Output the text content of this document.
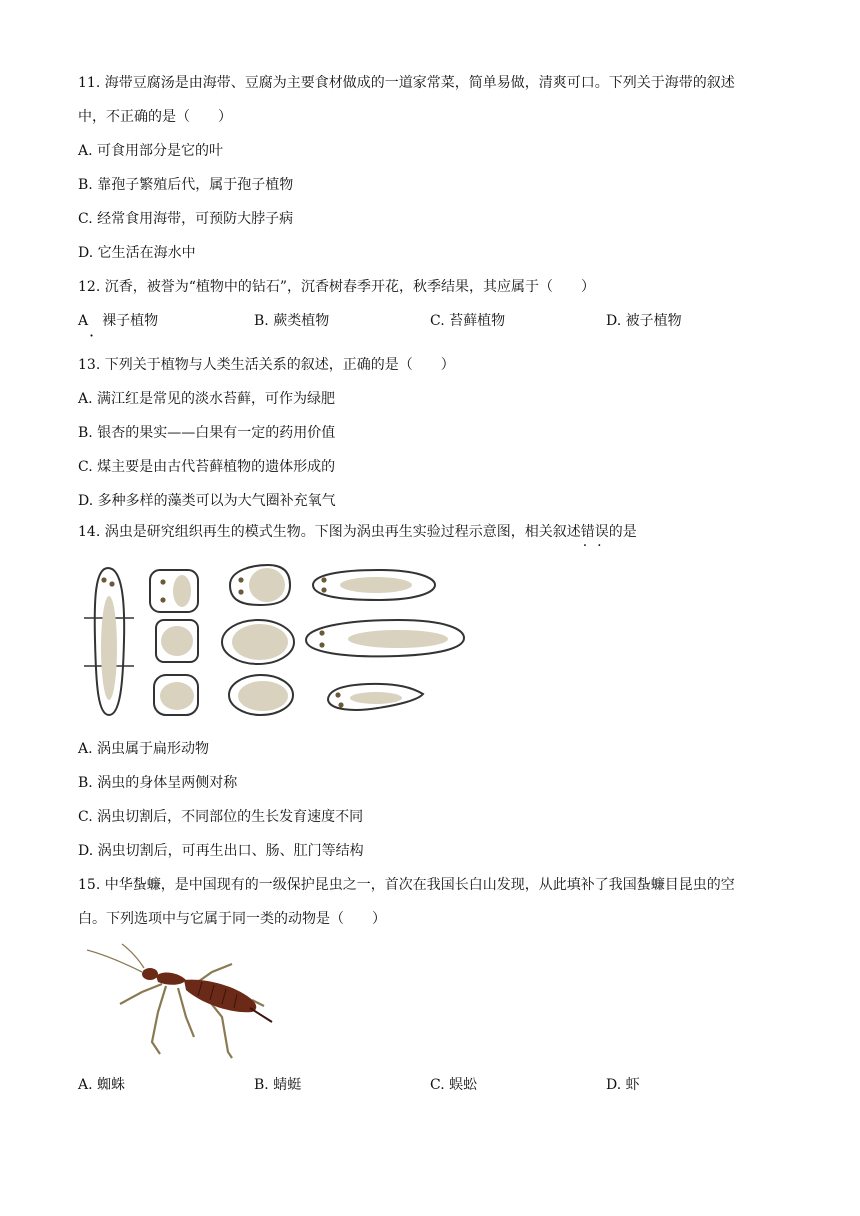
11. 海带豆腐汤是由海带、豆腐为主要食材做成的一道家常菜，简单易做，清爽可口。下列关于海带的叙述
中，不正确的是（　　）
A. 可食用部分是它的叶
B. 靠孢子繁殖后代，属于孢子植物
C. 经常食用海带，可预防大脖子病
D. 它生活在海水中
12. 沉香，被誉为“植物中的钻石”，沉香树春季开花，秋季结果，其应属于（　　）
A　裸子植物
·
B. 蕨类植物	C. 苔藓植物	D. 被子植物
13. 下列关于植物与人类生活关系的叙述，正确的是（　　）
A. 满江红是常见的淡水苔藓，可作为绿肥
B. 银杏的果实——白果有一定的药用价值
C. 煤主要是由古代苔藓植物的遗体形成的
D. 多种多样的藻类可以为大气圈补充氧气
14. 涡虫是研究组织再生的模式生物。下图为涡虫再生实验过程示意图，相关叙述错误
··
的是
A. 涡虫属于扁形动物
B. 涡虫的身体呈两侧对称
C. 涡虫切割后，不同部位的生长发育速度不同
D. 涡虫切割后，可再生出口、肠、肛门等结构
15. 中华蚻蠊，是中国现有的一级保护昆虫之一，首次在我国长白山发现，从此填补了我国蚻蠊目昆虫的空
白。下列选项中与它属于同一类的动物是（　　）
A. 蜘蛛	B. 蜻蜓	C. 蜈蚣	D. 虾
